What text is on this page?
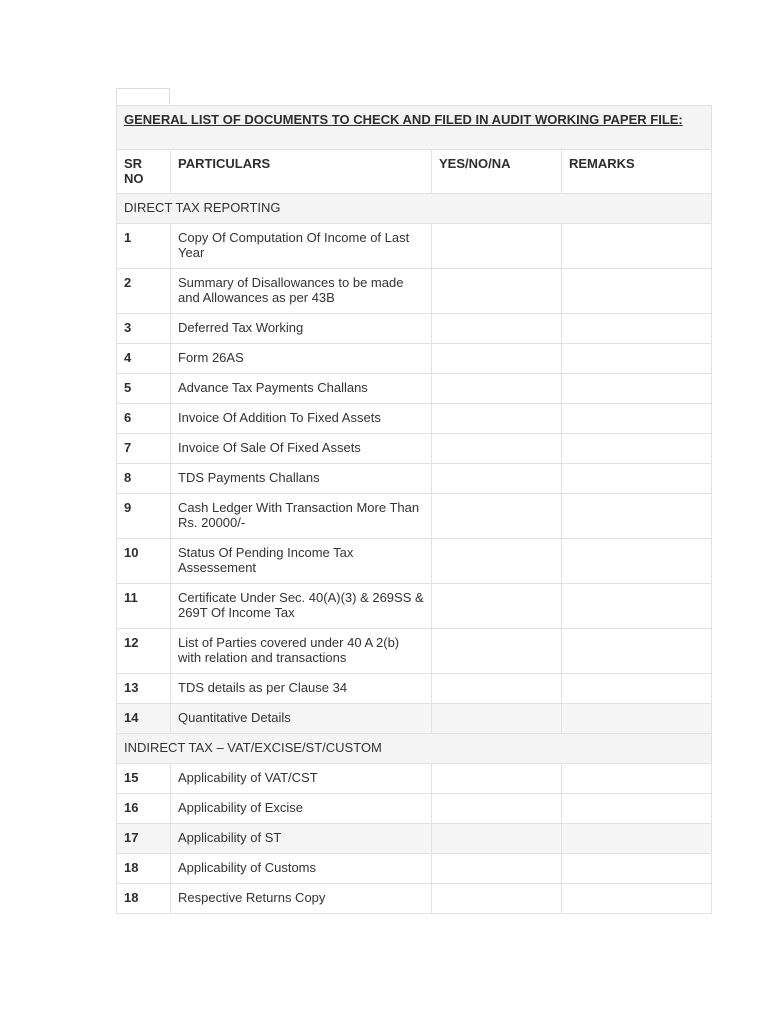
GENERAL LIST OF DOCUMENTS TO CHECK AND FILED IN AUDIT WORKING PAPER FILE:			
SR NO	PARTICULARS	YES/NO/NA	REMARKS
DIRECT TAX REPORTING			
1	Copy Of Computation Of Income of Last Year		
2	Summary of Disallowances to be made and Allowances as per 43B		
3	Deferred Tax Working		
4	Form 26AS		
5	Advance Tax Payments Challans		
6	Invoice Of Addition To Fixed Assets		
7	Invoice Of Sale Of Fixed Assets		
8	TDS Payments Challans		
9	Cash Ledger With Transaction More Than Rs. 20000/-		
10	Status Of Pending Income Tax Assessement		
11	Certificate Under Sec. 40(A)(3) & 269SS & 269T Of Income Tax		
12	List of Parties covered under 40 A 2(b) with relation and transactions		
13	TDS details as per Clause 34		
14	Quantitative Details		
INDIRECT TAX – VAT/EXCISE/ST/CUSTOM			
15	Applicability of VAT/CST		
16	Applicability of Excise		
17	Applicability of ST		
18	Applicability of Customs		
18	Respective Returns Copy		
